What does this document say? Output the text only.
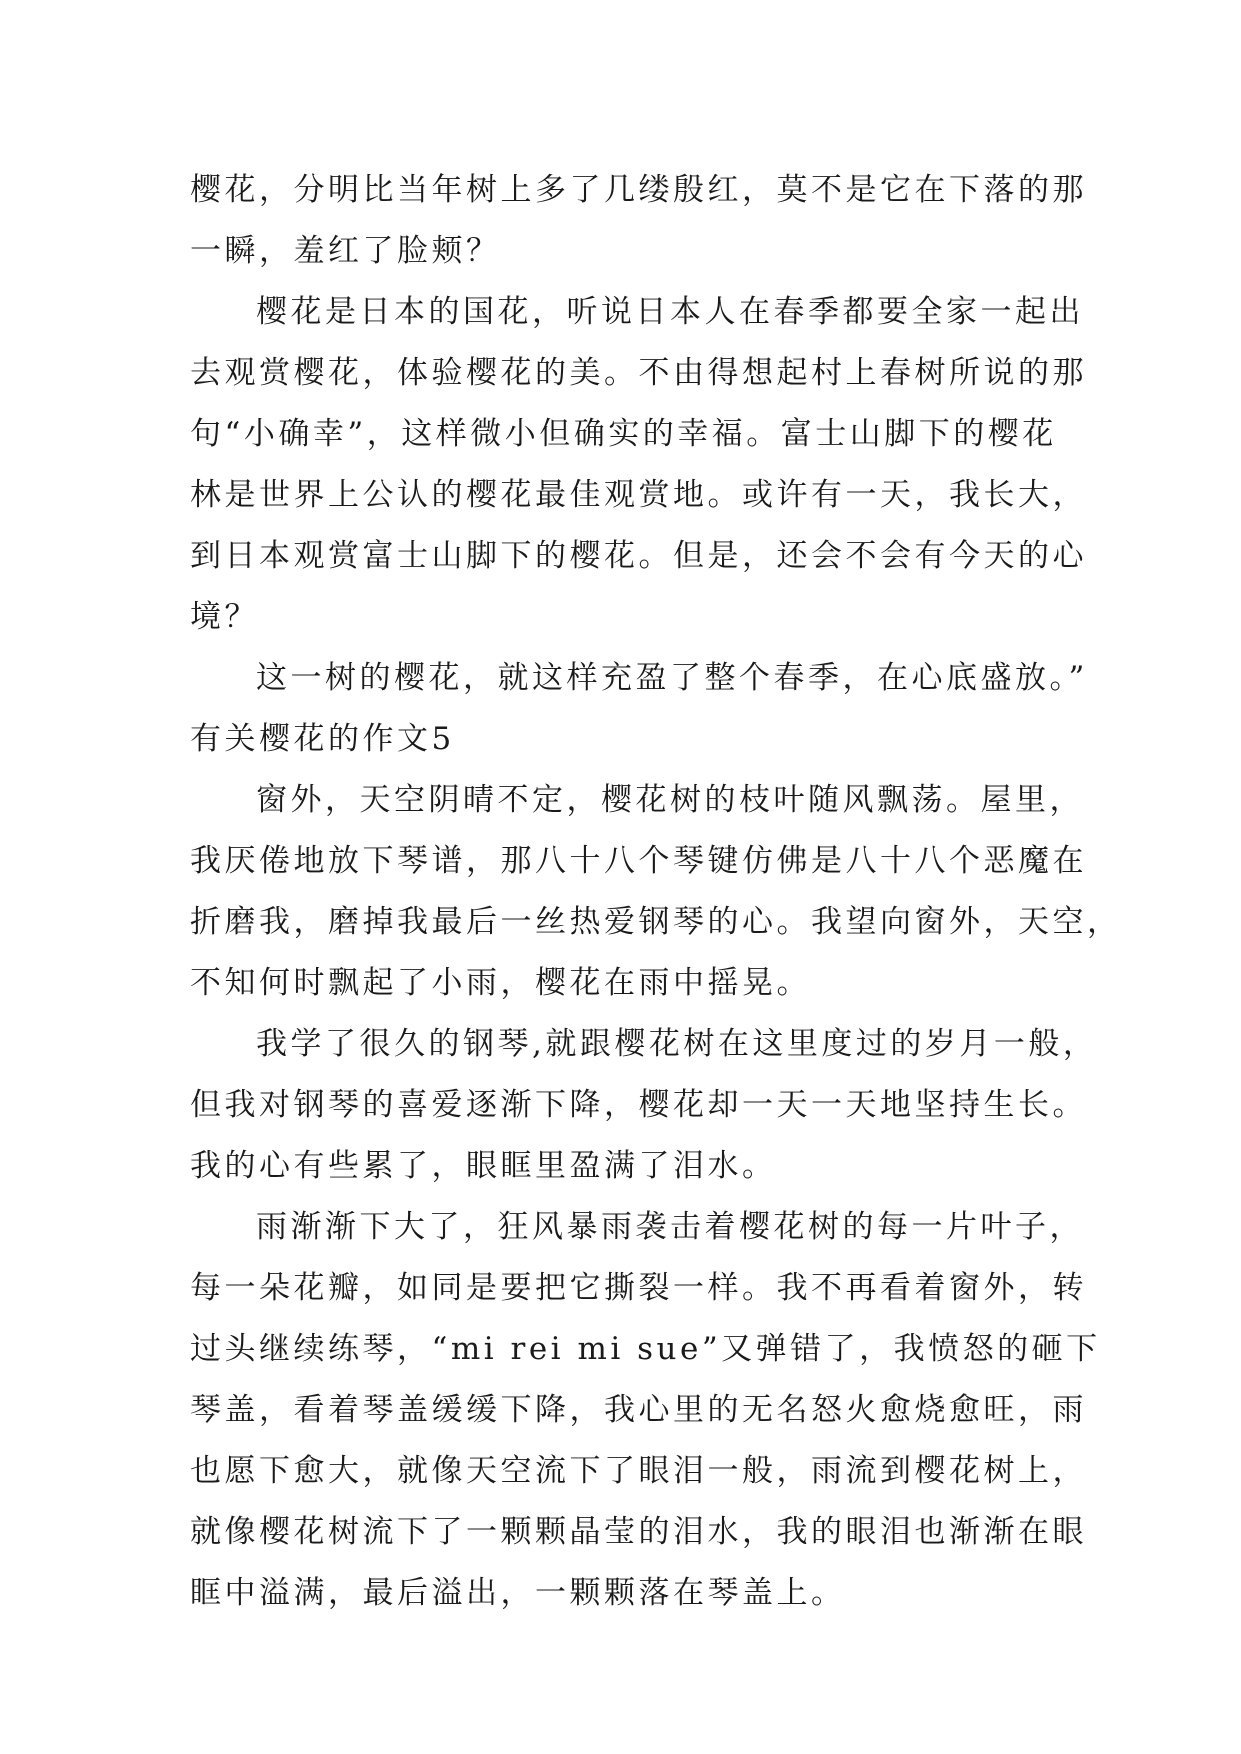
樱花，分明比当年树上多了几缕殷红，莫不是它在下落的那
一瞬，羞红了脸颊？
樱花是日本的国花，听说日本人在春季都要全家一起出
去观赏樱花，体验樱花的美。不由得想起村上春树所说的那
句“小确幸”，这样微小但确实的幸福。富士山脚下的樱花
林是世界上公认的樱花最佳观赏地。或许有一天，我长大，
到日本观赏富士山脚下的樱花。但是，还会不会有今天的心
境？
这一树的樱花，就这样充盈了整个春季，在心底盛放。”
有关樱花的作文5
窗外，天空阴晴不定，樱花树的枝叶随风飘荡。屋里，
我厌倦地放下琴谱，那八十八个琴键仿佛是八十八个恶魔在
折磨我，磨掉我最后一丝热爱钢琴的心。我望向窗外，天空，
不知何时飘起了小雨，樱花在雨中摇晃。
我学了很久的钢琴,就跟樱花树在这里度过的岁月一般，
但我对钢琴的喜爱逐渐下降，樱花却一天一天地坚持生长。
我的心有些累了，眼眶里盈满了泪水。
雨渐渐下大了，狂风暴雨袭击着樱花树的每一片叶子，
每一朵花瓣，如同是要把它撕裂一样。我不再看着窗外，转
过头继续练琴，“mi rei mi sue”又弹错了，我愤怒的砸下
琴盖，看着琴盖缓缓下降，我心里的无名怒火愈烧愈旺，雨
也愿下愈大，就像天空流下了眼泪一般，雨流到樱花树上，
就像樱花树流下了一颗颗晶莹的泪水，我的眼泪也渐渐在眼
眶中溢满，最后溢出，一颗颗落在琴盖上。
